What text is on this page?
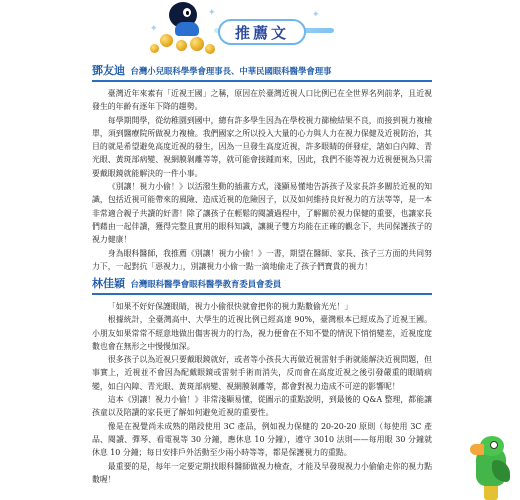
✦
✦	✦
推薦文
鄧友迪 台灣小兒眼科學學會理事長、中華民國眼科醫學會理事

臺灣近年來素有「近視王國」之稱，原因在於臺灣近視人口比例已在全世界名列前茅，且近視發生的年齡有逐年下降的趨勢。

每學期開學，從幼稚園到國中，總有許多學生因為在學校視力篩檢結果不良，而接到視力複檢單，須到醫療院所做視力複檢。我們國家之所以投入大量的心力與人力在視力保健及近視防治，其目的就是希望避免高度近視的發生，因為一旦發生高度近視，許多眼睛的併發症，諸如白內障、青光眼、黃斑部病變、視網膜剝離等等，就可能會接踵而來，因此，我們不能等視力近視便視為只需要戴眼鏡就能解決的一件小事。

《別讓！視力小偷！》以活潑生動的插畫方式，淺顯易懂地告訴孩子及家長許多關於近視的知識，包括近視可能帶來的風險、造成近視的危險因子，以及如何維持良好視力的方法等等，是一本非常適合親子共讀的好書！除了讓孩子在輕鬆的閱讀過程中，了解關於視力保健的重要，也讓家長們藉由一起伴讀，獲得完整且實用的眼科知識，讓親子雙方均能在正確的觀念下，共同保護孩子的視力健康！

身為眼科醫師，我推薦《別讓！視力小偷！》一書，期望在醫師、家長、孩子三方面的共同努力下，一起對抗「惡視力」，別讓視力小偷一點一滴地偷走了孩子們寶貴的視力！

林佳穎 台灣眼科醫學會眼科醫學教育委員會委員

「如果不好好保護眼睛，視力小偷很快就會把你的視力點數偷光光！」

根據統計，全臺灣高中、大學生的近視比例已經高達 90%，臺灣根本已經成為了近視王國。小朋友如果常常不經意地做出傷害視力的行為，視力便會在不知不覺的情況下悄悄變差，近視度度數也會在無形之中慢慢加深。

很多孩子以為近視只要戴眼鏡就好，或者等小孩長大再做近視雷射手術就能解決近視問題，但事實上，近視並不會因為配戴眼鏡或雷射手術而消失，反而會在高度近視之後引發嚴重的眼睛病變，如白內障、青光眼、黃斑部病變、視網膜剝離等，都會對視力造成不可逆的影響呢！

這本《別讓！視力小偷！》非常淺顯易懂，從圖示的重點說明，到最後的 Q&A 整理，都能讓孩童以及陪讀的家長更了解如何避免近視的重要性。

像是在視覺尚未成熟的階段使用 3C 產品，例如視力保健的 20-20-20 原則（每使用 3C 產品、閱讀、彈琴、看電視等 30 分鐘，應休息 10 分鐘），遵守 3010 法則——每用眼 30 分鐘就休息 10 分鐘；每日安排戶外活動至少兩小時等等，都是保護視力的重點。

最重要的是，每年一定要定期找眼科醫師做視力檢查，才能及早發現視力小偷偷走你的視力點數喔！
